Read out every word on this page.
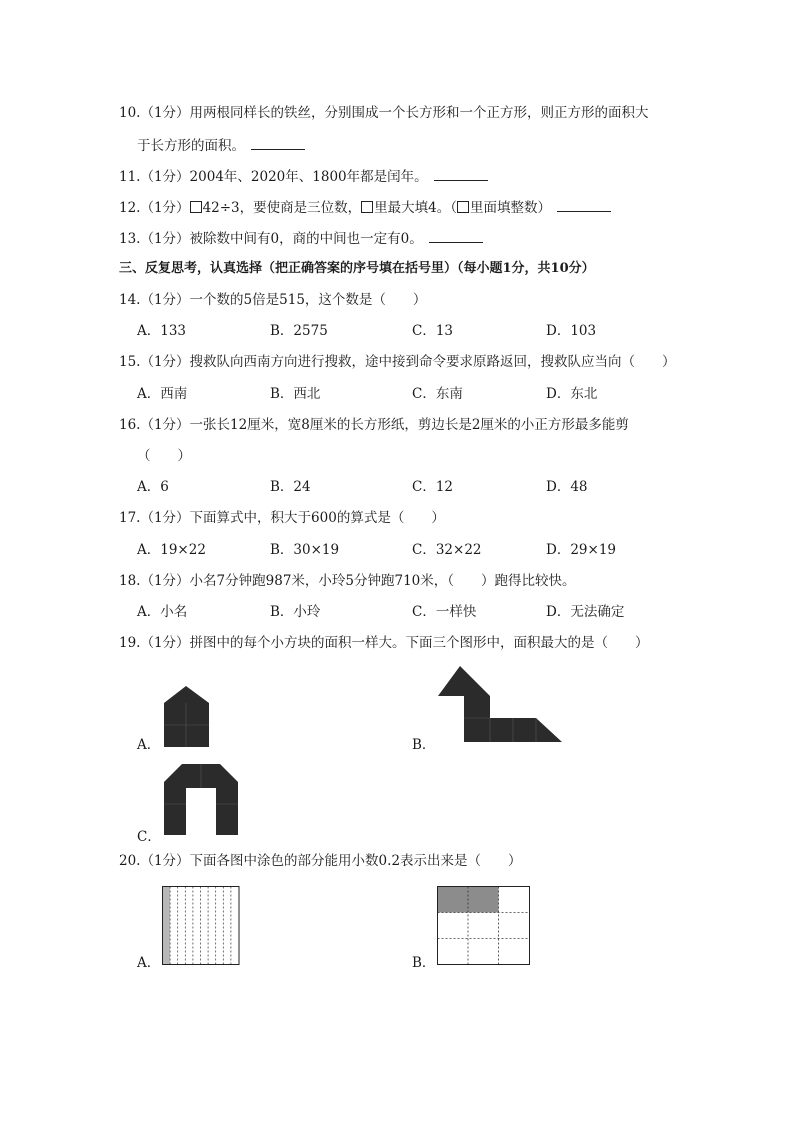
10.（1分）用两根同样长的铁丝，分别围成一个长方形和一个正方形，则正方形的面积大
于长方形的面积。
11.（1分）2004年、2020年、1800年都是闰年。
12.（1分） 42÷3，要使商是三位数， 里最大填4。（ 里面填整数）
13.（1分）被除数中间有0，商的中间也一定有0。
三、反复思考，认真选择（把正确答案的序号填在括号里）（每小题1分，共10分）
14.（1分）一个数的5倍是515，这个数是（　　）
A．133	B．2575	C．13	D．103
15.（1分）搜救队向西南方向进行搜救，途中接到命令要求原路返回，搜救队应当向（　　）
A．西南	B．西北	C．东南	D．东北
16.（1分）一张长12厘米，宽8厘米的长方形纸，剪边长是2厘米的小正方形最多能剪
（　　）
A．6	B．24	C．12	D．48
17.（1分）下面算式中，积大于600的算式是（　　）
A．19×22	B．30×19	C．32×22	D．29×19
18.（1分）小名7分钟跑987米，小玲5分钟跑710米，（　　）跑得比较快。
A．小名	B．小玲	C．一样快	D．无法确定
19.（1分）拼图中的每个小方块的面积一样大。下面三个图形中，面积最大的是（　　）
A．	B．
C．
20.（1分）下面各图中涂色的部分能用小数0.2表示出来是（　　）
A．	B．
